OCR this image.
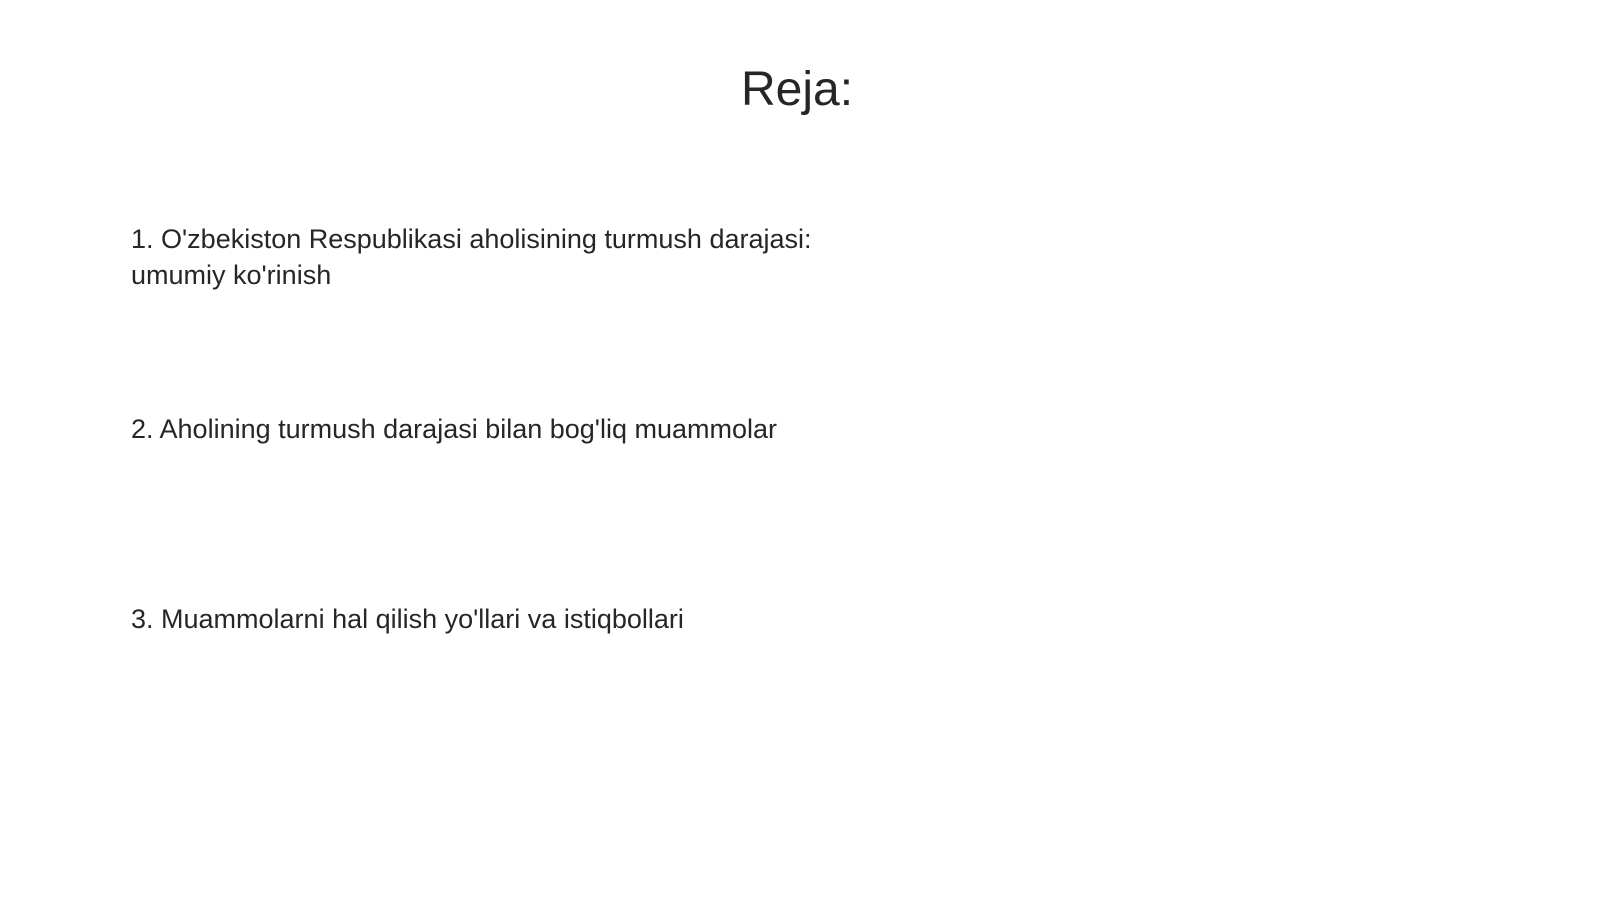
Reja:

1. O'zbekiston Respublikasi aholisining turmush darajasi: umumiy ko'rinish

2. Aholining turmush darajasi bilan bog'liq muammolar

3. Muammolarni hal qilish yo'llari va istiqbollari
